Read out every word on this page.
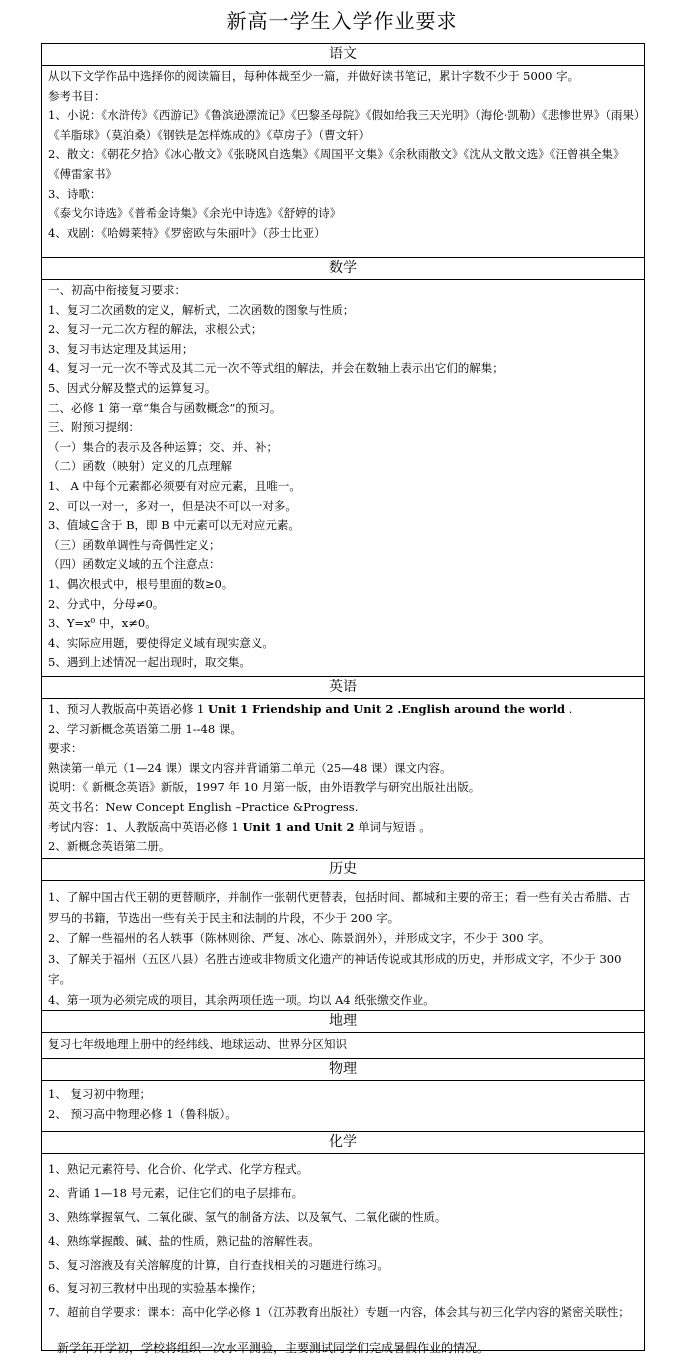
新高一学生入学作业要求
语文
从以下文学作品中选择你的阅读篇目，每种体裁至少一篇，并做好读书笔记，累计字数不少于 5000 字。
参考书目：
1、小说：《水浒传》《西游记》《鲁滨逊漂流记》《巴黎圣母院》《假如给我三天光明》（海伦·凯勒）《悲惨世界》（雨果）《羊脂球》（莫泊桑）《钢铁是怎样炼成的》《草房子》（曹文轩）
2、散文：《朝花夕拾》《冰心散文》《张晓风自选集》《周国平文集》《余秋雨散文》《沈从文散文选》《汪曾祺全集》《傅雷家书》
3、诗歌：
《泰戈尔诗选》《普希金诗集》《余光中诗选》《舒婷的诗》
4、戏剧：《哈姆莱特》《罗密欧与朱丽叶》（莎士比亚）
数学
一、初高中衔接复习要求：
1、复习二次函数的定义，解析式，二次函数的图象与性质；
2、复习一元二次方程的解法，求根公式；
3、复习韦达定理及其运用；
4、复习一元一次不等式及其二元一次不等式组的解法，并会在数轴上表示出它们的解集；
5、因式分解及整式的运算复习。
二、必修 1 第一章“集合与函数概念”的预习。
三、附预习提纲：
（一）集合的表示及各种运算；交、并、补；
（二）函数（映射）定义的几点理解
1、 A 中每个元素都必须要有对应元素，且唯一。
2、可以一对一，多对一，但是决不可以一对多。
3、值域⊆含于 B，即 B 中元素可以无对应元素。
（三）函数单调性与奇偶性定义；
（四）函数定义域的五个注意点：
1、偶次根式中，根号里面的数≥0。
2、分式中，分母≠0。
3、Y=x⁰ 中，x≠0。
4、实际应用题，要使得定义域有现实意义。
5、遇到上述情况一起出现时，取交集。
英语
1、预习人教版高中英语必修 1 Unit 1 Friendship and Unit 2 .English around the world .
2、学习新概念英语第二册 1--48 课。
要求：
熟读第一单元（1—24 课）课文内容并背诵第二单元（25—48 课）课文内容。
说明：《 新概念英语》新版，1997 年 10 月第一版，由外语教学与研究出版社出版。
英文书名：New Concept English –Practice &Progress.
考试内容：1、人教版高中英语必修 1 Unit 1 and Unit 2 单词与短语 。
2、新概念英语第二册。
历史
1、了解中国古代王朝的更替顺序，并制作一张朝代更替表，包括时间、都城和主要的帝王；看一些有关古希腊、古罗马的书籍，节选出一些有关于民主和法制的片段，不少于 200 字。
2、了解一些福州的名人轶事（陈林则徐、严复、冰心、陈景润外），并形成文字，不少于 300 字。
3、了解关于福州（五区八县）名胜古迹或非物质文化遗产的神话传说或其形成的历史，并形成文字，不少于 300 字。
4、第一项为必须完成的项目，其余两项任选一项。均以 A4 纸张缴交作业。
地理
复习七年级地理上册中的经纬线、地球运动、世界分区知识
物理
1、 复习初中物理；
2、 预习高中物理必修 1（鲁科版）。
化学
1、熟记元素符号、化合价、化学式、化学方程式。
2、背诵 1—18 号元素，记住它们的电子层排布。
3、熟练掌握氧气、二氧化碳、氢气的制备方法、以及氧气、二氧化碳的性质。
4、熟练掌握酸、碱、盐的性质，熟记盐的溶解性表。
5、复习溶液及有关溶解度的计算，自行查找相关的习题进行练习。
6、复习初三教材中出现的实验基本操作；
7、超前自学要求：课本：高中化学必修 1（江苏教育出版社）专题一内容，体会其与初三化学内容的紧密关联性；
新学年开学初，学校将组织一次水平测验，主要测试同学们完成暑假作业的情况。
